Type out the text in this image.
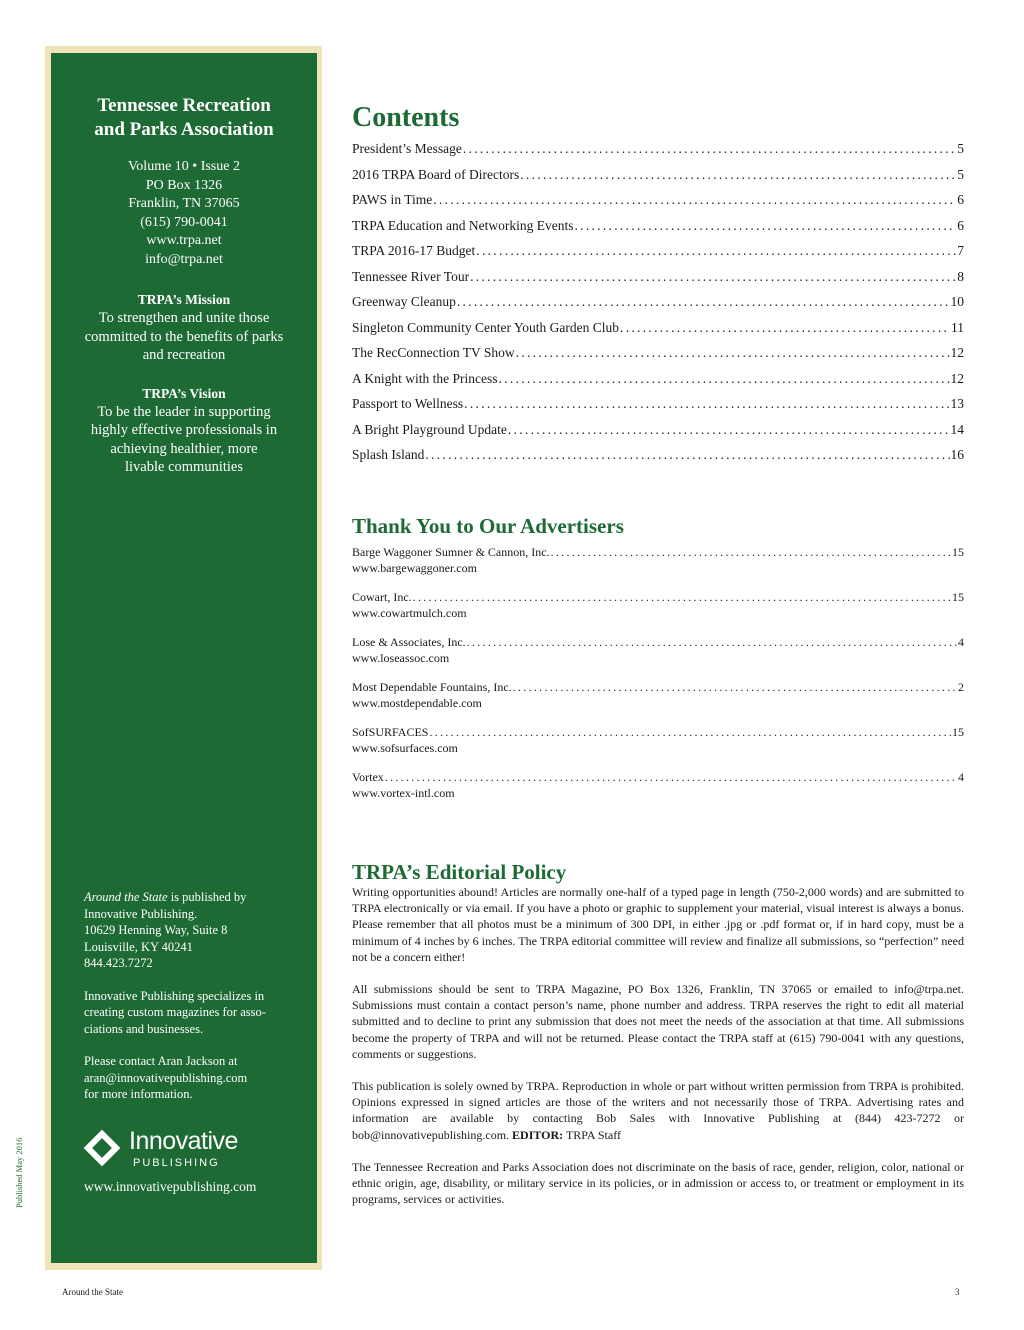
Tennessee Recreation
and Parks Association
Volume 10 • Issue 2
PO Box 1326
Franklin, TN 37065
(615) 790-0041
www.trpa.net
info@trpa.net
TRPA’s Mission
To strengthen and unite those
committed to the benefits of parks
and recreation
TRPA’s Vision
To be the leader in supporting
highly effective professionals in
achieving healthier, more
livable communities

Around the State is published by
Innovative Publishing.
10629 Henning Way, Suite 8
Louisville, KY 40241
844.423.7272

Innovative Publishing specializes in
creating custom magazines for asso-
ciations and businesses.

Please contact Aran Jackson at
aran@innovativepublishing.com
for more information.

Innovative
PUBLISHING
www.innovativepublishing.com
Published May 2016
Contents
President’s Message .....	5
2016 TRPA Board of Directors .....	5
PAWS in Time .....	6
TRPA Education and Networking Events .....	6
TRPA 2016-17 Budget .....	7
Tennessee River Tour .....	8
Greenway Cleanup .....	10
Singleton Community Center Youth Garden Club .....	11
The RecConnection TV Show .....	12
A Knight with the Princess .....	12
Passport to Wellness .....	13
A Bright Playground Update .....	14
Splash Island .....	16
Thank You to Our Advertisers
Barge Waggoner Sumner & Cannon, Inc. .....	15
www.bargewaggoner.com
Cowart, Inc. .....	15
www.cowartmulch.com
Lose & Associates, Inc. .....	4
www.loseassoc.com
Most Dependable Fountains, Inc. .....	2
www.mostdependable.com
SofSURFACES .....	15
www.sofsurfaces.com
Vortex .....	4
www.vortex-intl.com
TRPA’s Editorial Policy

Writing opportunities abound! Articles are normally one-half of a typed page in length (750-2,000 words) and are submitted to TRPA electronically or via email. If you have a photo or graphic to supplement your material, visual interest is always a bonus. Please remember that all photos must be a minimum of 300 DPI, in either .jpg or .pdf format or, if in hard copy, must be a minimum of 4 inches by 6 inches. The TRPA editorial committee will review and finalize all submissions, so “perfection” need not be a concern either!

All submissions should be sent to TRPA Magazine, PO Box 1326, Franklin, TN 37065 or emailed to info@trpa.net. Submissions must contain a contact person’s name, phone number and address. TRPA reserves the right to edit all material submitted and to decline to print any submission that does not meet the needs of the association at that time. All submissions become the property of TRPA and will not be returned. Please contact the TRPA staff at (615) 790-0041 with any questions, comments or suggestions.

This publication is solely owned by TRPA. Reproduction in whole or part without written permission from TRPA is prohibited. Opinions expressed in signed articles are those of the writers and not necessarily those of TRPA. Advertising rates and information are available by contacting Bob Sales with Innovative Publishing at (844) 423-7272 or bob@innovativepublishing.com. EDITOR: TRPA Staff

The Tennessee Recreation and Parks Association does not discriminate on the basis of race, gender, religion, color, national or ethnic origin, age, disability, or military service in its policies, or in admission or access to, or treatment or employment in its programs, services or activities.

Around the State	3
